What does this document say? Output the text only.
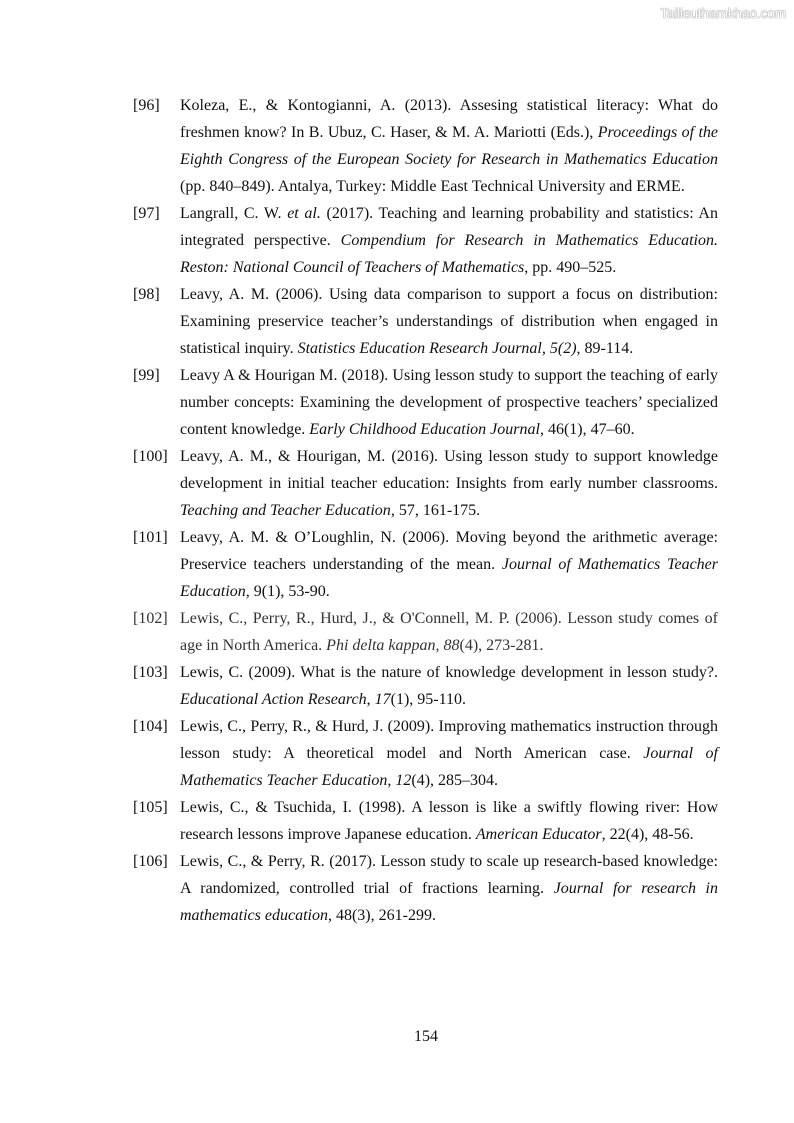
Tailieuthamkhao.com
[96] Koleza, E., & Kontogianni, A. (2013). Assesing statistical literacy: What do freshmen know? In B. Ubuz, C. Haser, & M. A. Mariotti (Eds.), Proceedings of the Eighth Congress of the European Society for Research in Mathematics Education (pp. 840–849). Antalya, Turkey: Middle East Technical University and ERME.
[97] Langrall, C. W. et al. (2017). Teaching and learning probability and statistics: An integrated perspective. Compendium for Research in Mathematics Education. Reston: National Council of Teachers of Mathematics, pp. 490–525.
[98] Leavy, A. M. (2006). Using data comparison to support a focus on distribution: Examining preservice teacher’s understandings of distribution when engaged in statistical inquiry. Statistics Education Research Journal, 5(2), 89-114.
[99] Leavy A & Hourigan M. (2018). Using lesson study to support the teaching of early number concepts: Examining the development of prospective teachers’ specialized content knowledge. Early Childhood Education Journal, 46(1), 47–60.
[100] Leavy, A. M., & Hourigan, M. (2016). Using lesson study to support knowledge development in initial teacher education: Insights from early number classrooms. Teaching and Teacher Education, 57, 161-175.
[101] Leavy, A. M. & O’Loughlin, N. (2006). Moving beyond the arithmetic average: Preservice teachers understanding of the mean. Journal of Mathematics Teacher Education, 9(1), 53-90.
[102] Lewis, C., Perry, R., Hurd, J., & O'Connell, M. P. (2006). Lesson study comes of age in North America. Phi delta kappan, 88(4), 273-281.
[103] Lewis, C. (2009). What is the nature of knowledge development in lesson study?. Educational Action Research, 17(1), 95-110.
[104] Lewis, C., Perry, R., & Hurd, J. (2009). Improving mathematics instruction through lesson study: A theoretical model and North American case. Journal of Mathematics Teacher Education, 12(4), 285–304.
[105] Lewis, C., & Tsuchida, I. (1998). A lesson is like a swiftly flowing river: How research lessons improve Japanese education. American Educator, 22(4), 48-56.
[106] Lewis, C., & Perry, R. (2017). Lesson study to scale up research-based knowledge: A randomized, controlled trial of fractions learning. Journal for research in mathematics education, 48(3), 261-299.
154
